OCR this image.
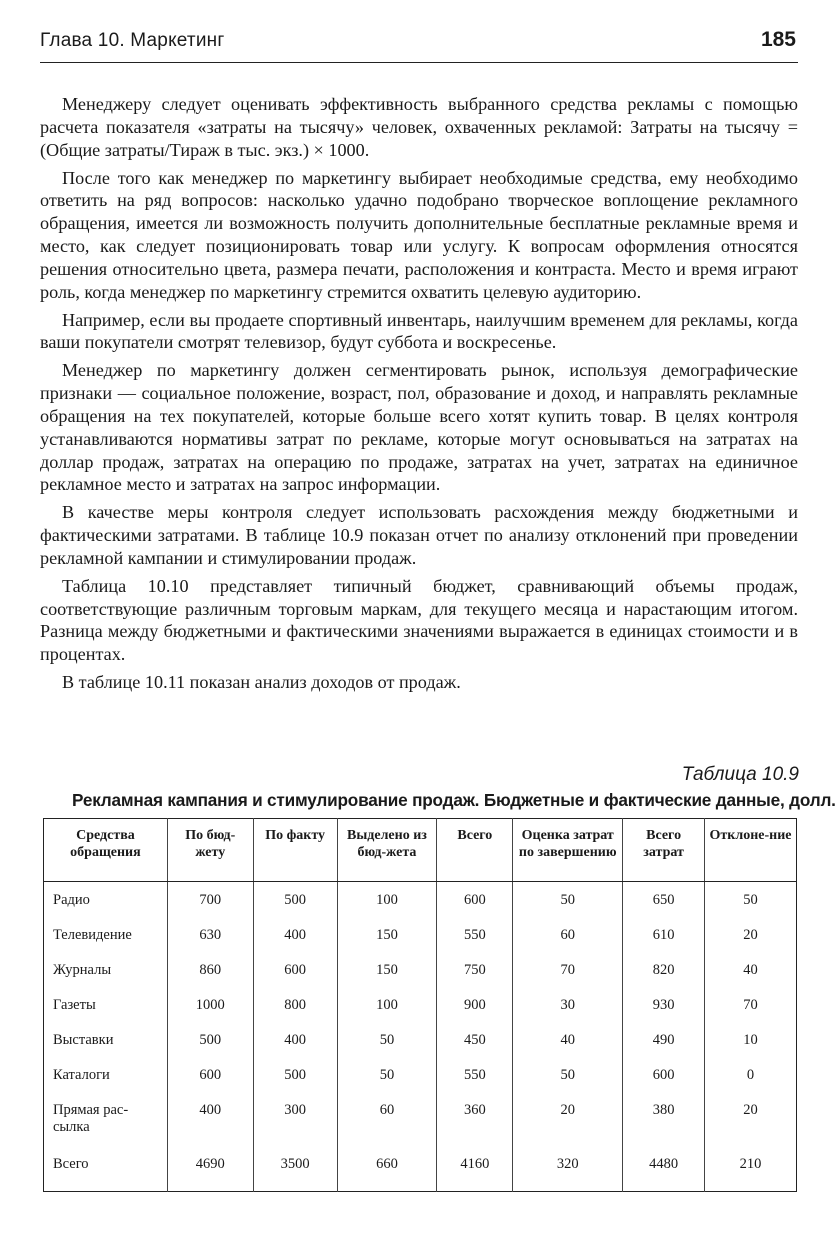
Глава 10. Маркетинг	185

Менеджеру следует оценивать эффективность выбранного средства рекламы с помощью расчета показателя «затраты на тысячу» человек, охваченных рекламой: Затраты на тысячу = (Общие затраты/Тираж в тыс. экз.) × 1000.

После того как менеджер по маркетингу выбирает необходимые средства, ему необходимо ответить на ряд вопросов: насколько удачно подобрано творческое воплощение рекламного обращения, имеется ли возможность получить дополнительные бесплатные рекламные время и место, как следует позиционировать товар или услугу. К вопросам оформления относятся решения относительно цвета, размера печати, расположения и контраста. Место и время играют роль, когда менеджер по маркетингу стремится охватить целевую аудиторию.

Например, если вы продаете спортивный инвентарь, наилучшим временем для рекламы, когда ваши покупатели смотрят телевизор, будут суббота и воскресенье.

Менеджер по маркетингу должен сегментировать рынок, используя демографические признаки — социальное положение, возраст, пол, образование и доход, и направлять рекламные обращения на тех покупателей, которые больше всего хотят купить товар. В целях контроля устанавливаются нормативы затрат по рекламе, которые могут основываться на затратах на доллар продаж, затратах на операцию по продаже, затратах на учет, затратах на единичное рекламное место и затратах на запрос информации.

В качестве меры контроля следует использовать расхождения между бюджетными и фактическими затратами. В таблице 10.9 показан отчет по анализу отклонений при проведении рекламной кампании и стимулировании продаж.

Таблица 10.10 представляет типичный бюджет, сравнивающий объемы продаж, соответствующие различным торговым маркам, для текущего месяца и нарастающим итогом. Разница между бюджетными и фактическими значениями выражается в единицах стоимости и в процентах.

В таблице 10.11 показан анализ доходов от продаж.

Таблица 10.9
Рекламная кампания и стимулирование продаж. Бюджетные и фактические данные, долл.
Средства обращения	По бюд-жету	По факту	Выделено из бюд-жета	Всего	Оценка затрат по завершению	Всего затрат	Отклоне-ние
Радио	700	500	100	600	50	650	50
Телевидение	630	400	150	550	60	610	20
Журналы	860	600	150	750	70	820	40
Газеты	1000	800	100	900	30	930	70
Выставки	500	400	50	450	40	490	10
Каталоги	600	500	50	550	50	600	0
Прямая рас-сылка	400	300	60	360	20	380	20
Всего	4690	3500	660	4160	320	4480	210
